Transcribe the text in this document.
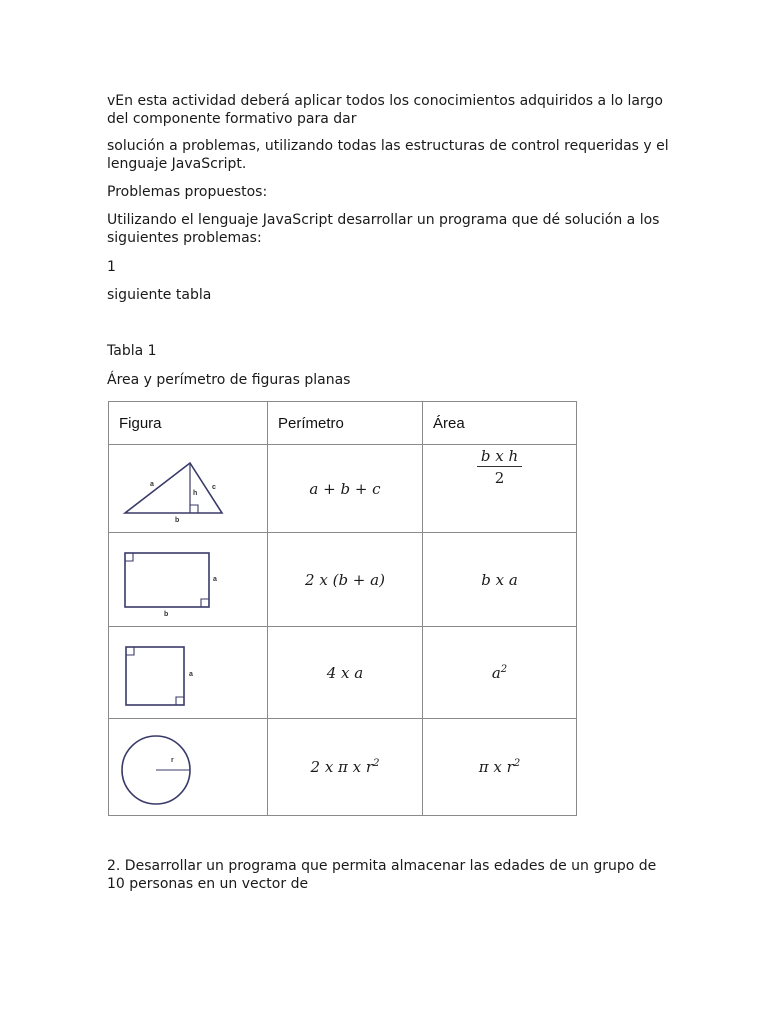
vEn esta actividad deberá aplicar todos los conocimientos adquiridos a lo largo del componente formativo para dar

solución a problemas, utilizando todas las estructuras de control requeridas y el lenguaje JavaScript.

Problemas propuestos:

Utilizando el lenguaje JavaScript desarrollar un programa que dé solución a los siguientes problemas:

1

siguiente tabla

Tabla 1

Área y perímetro de figuras planas

Figura	Perímetro	Área

a
h
c
b	a + b + c	$\frac{\text{b x h}}{2}$

a
b	2 x (b + a)	b x a

a	4 x a	$a^2$

r	2 x π x $r^2$	π x $r^2$

2. Desarrollar un programa que permita almacenar las edades de un grupo de 10 personas en un vector de
